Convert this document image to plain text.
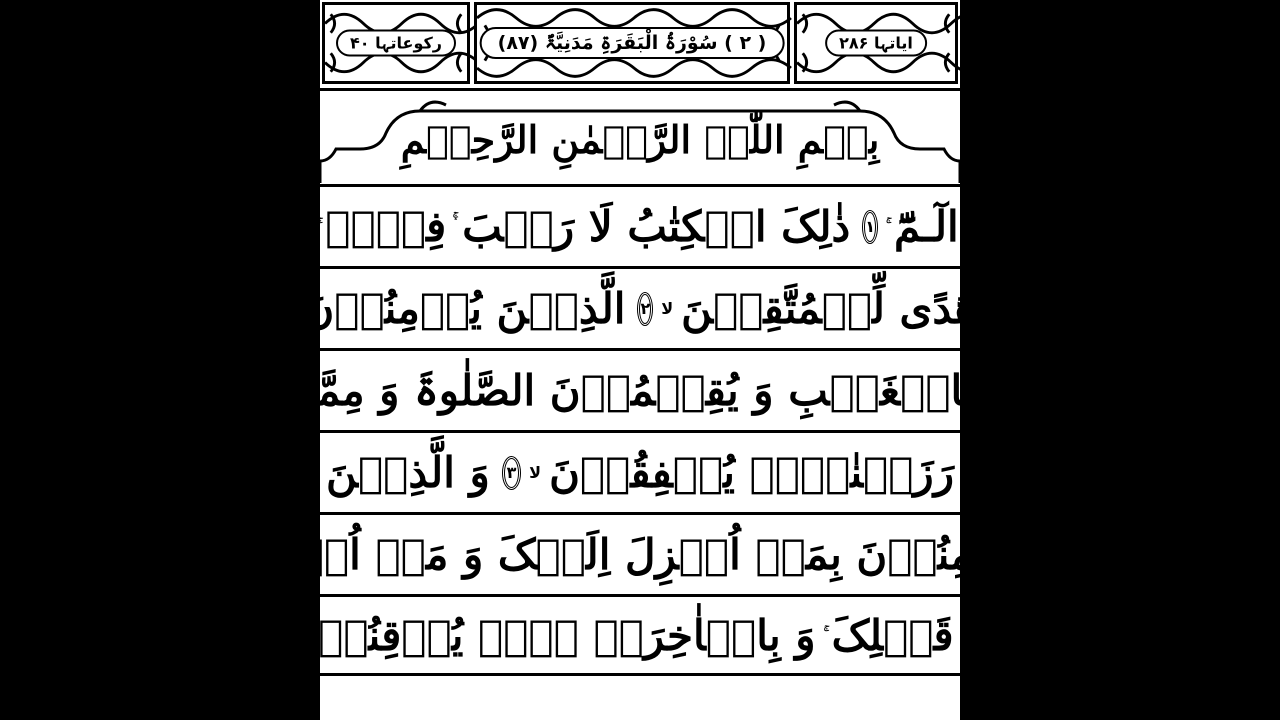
رکوعاتہا ۴۰	( ۲ ) سُوْرَۃُ الْبَقَرَۃِ مَدَنِیَّۃٌ (۸۷)	ایاتہا ۲۸۶
بِسۡمِ اللّٰہِ الرَّحۡمٰنِ الرَّحِیۡمِ
الٓـمّٓ
۱
ذٰلِکَ الۡکِتٰبُ لَا رَیۡبَ
فِیۡہِ
ھُدًی لِّلۡمُتَّقِیۡنَ
لا
۲
الَّذِیۡنَ یُؤۡمِنُوۡنَ
بِالۡغَیۡبِ وَ یُقِیۡمُوۡنَ الصَّلٰوۃَ وَ مِمَّا
رَزَقۡنٰہُمۡ یُنۡفِقُوۡنَ
لا
۳
وَ الَّذِیۡنَ
یُؤۡمِنُوۡنَ بِمَاۤ اُنۡزِلَ اِلَیۡکَ وَ مَاۤ اُنۡزِلَ
مِنۡ قَبۡلِکَ
وَ بِالۡاٰخِرَۃِ ہُمۡ یُوۡقِنُوۡنَ
ط
۴
